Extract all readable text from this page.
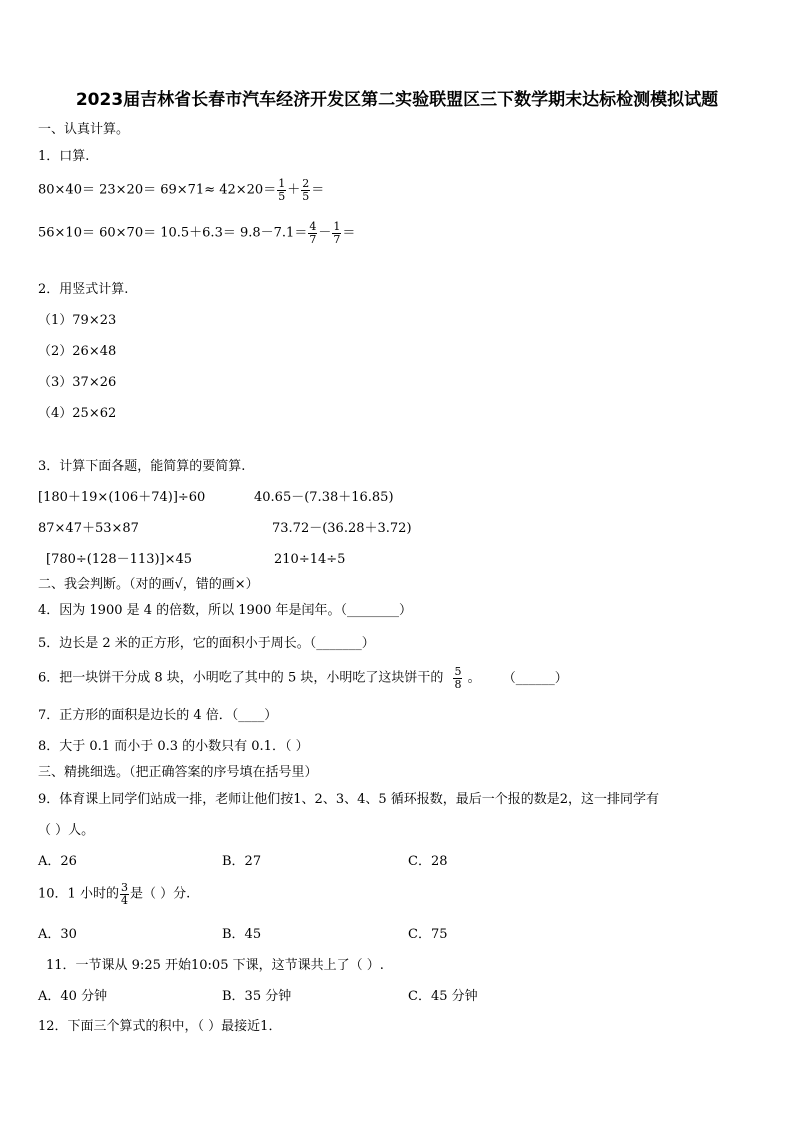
2023届吉林省长春市汽车经济开发区第二实验联盟区三下数学期末达标检测模拟试题
一、认真计算。
1．口算.
$80\times 40= 23\times 20= 69\times 71\approx 42\times 20= \frac{1}{5} + \frac{2}{5}$ ＝
$56\times 10= 60\times 70= 10.5+6.3= 9.8-7.1= \frac{4}{7} - \frac{1}{7}$ ＝
2．用竖式计算.
（1）79×23
（2）26×48
（3）37×26
（4）25×62
3．计算下面各题，能简算的要简算.
[180＋19×(106＋74)]÷60	40.65－(7.38＋16.85)
87×47＋53×87	73.72－(36.28＋3.72)
[780÷(128－113)]×45	210÷14÷5
二、我会判断。（对的画√，错的画×）
4．因为 1900 是 4 的倍数，所以 1900 年是闰年。（________）
5．边长是 2 米的正方形，它的面积小于周长。（_______）
6．把一块饼干分成 8 块，小明吃了其中的 5 块，小明吃了这块饼干的 $\frac{5}{8}$ 。 （______）
7．正方形的面积是边长的 4 倍．（____）
8．大于 0.1 而小于 0.3 的小数只有 0.1．（ ）
三、精挑细选。（把正确答案的序号填在括号里）
9．体育课上同学们站成一排，老师让他们按1、2、3、4、5 循环报数，最后一个报的数是2，这一排同学有
（ ）人。
A．26	B．27	C．28
10．1 小时的 $\frac{3}{4}$ 是（ ）分.
A．30	B．45	C．75
11．一节课从 9:25 开始10:05 下课，这节课共上了（ ）.
A．40 分钟	B．35 分钟	C．45 分钟
12．下面三个算式的积中，（ ）最接近1．
